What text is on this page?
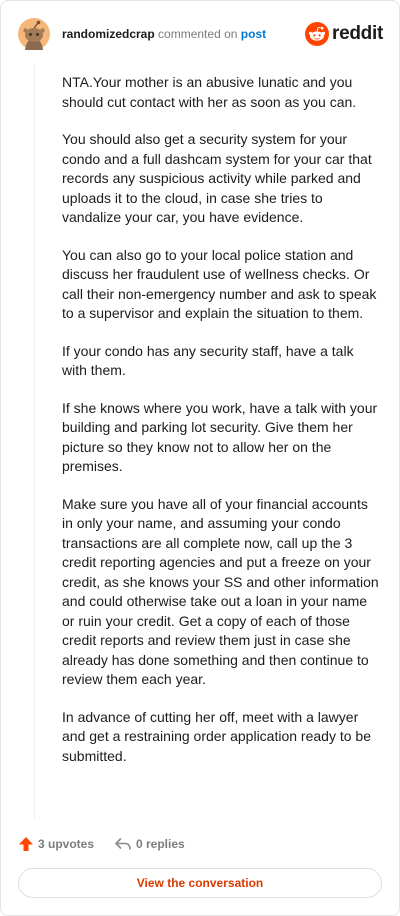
randomizedcrap commented on post	reddit

NTA.Your mother is an abusive lunatic and you should cut contact with her as soon as you can.

You should also get a security system for your condo and a full dashcam system for your car that records any suspicious activity while parked and uploads it to the cloud, in case she tries to vandalize your car, you have evidence.

You can also go to your local police station and discuss her fraudulent use of wellness checks. Or call their non-emergency number and ask to speak to a supervisor and explain the situation to them.

If your condo has any security staff, have a talk with them.

If she knows where you work, have a talk with your building and parking lot security. Give them her picture so they know not to allow her on the premises.

Make sure you have all of your financial accounts in only your name, and assuming your condo transactions are all complete now, call up the 3 credit reporting agencies and put a freeze on your credit, as she knows your SS and other information and could otherwise take out a loan in your name or ruin your credit. Get a copy of each of those credit reports and review them just in case she already has done something and then continue to review them each year.

In advance of cutting her off, meet with a lawyer and get a restraining order application ready to be submitted.

3 upvotes	0 replies
View the conversation
